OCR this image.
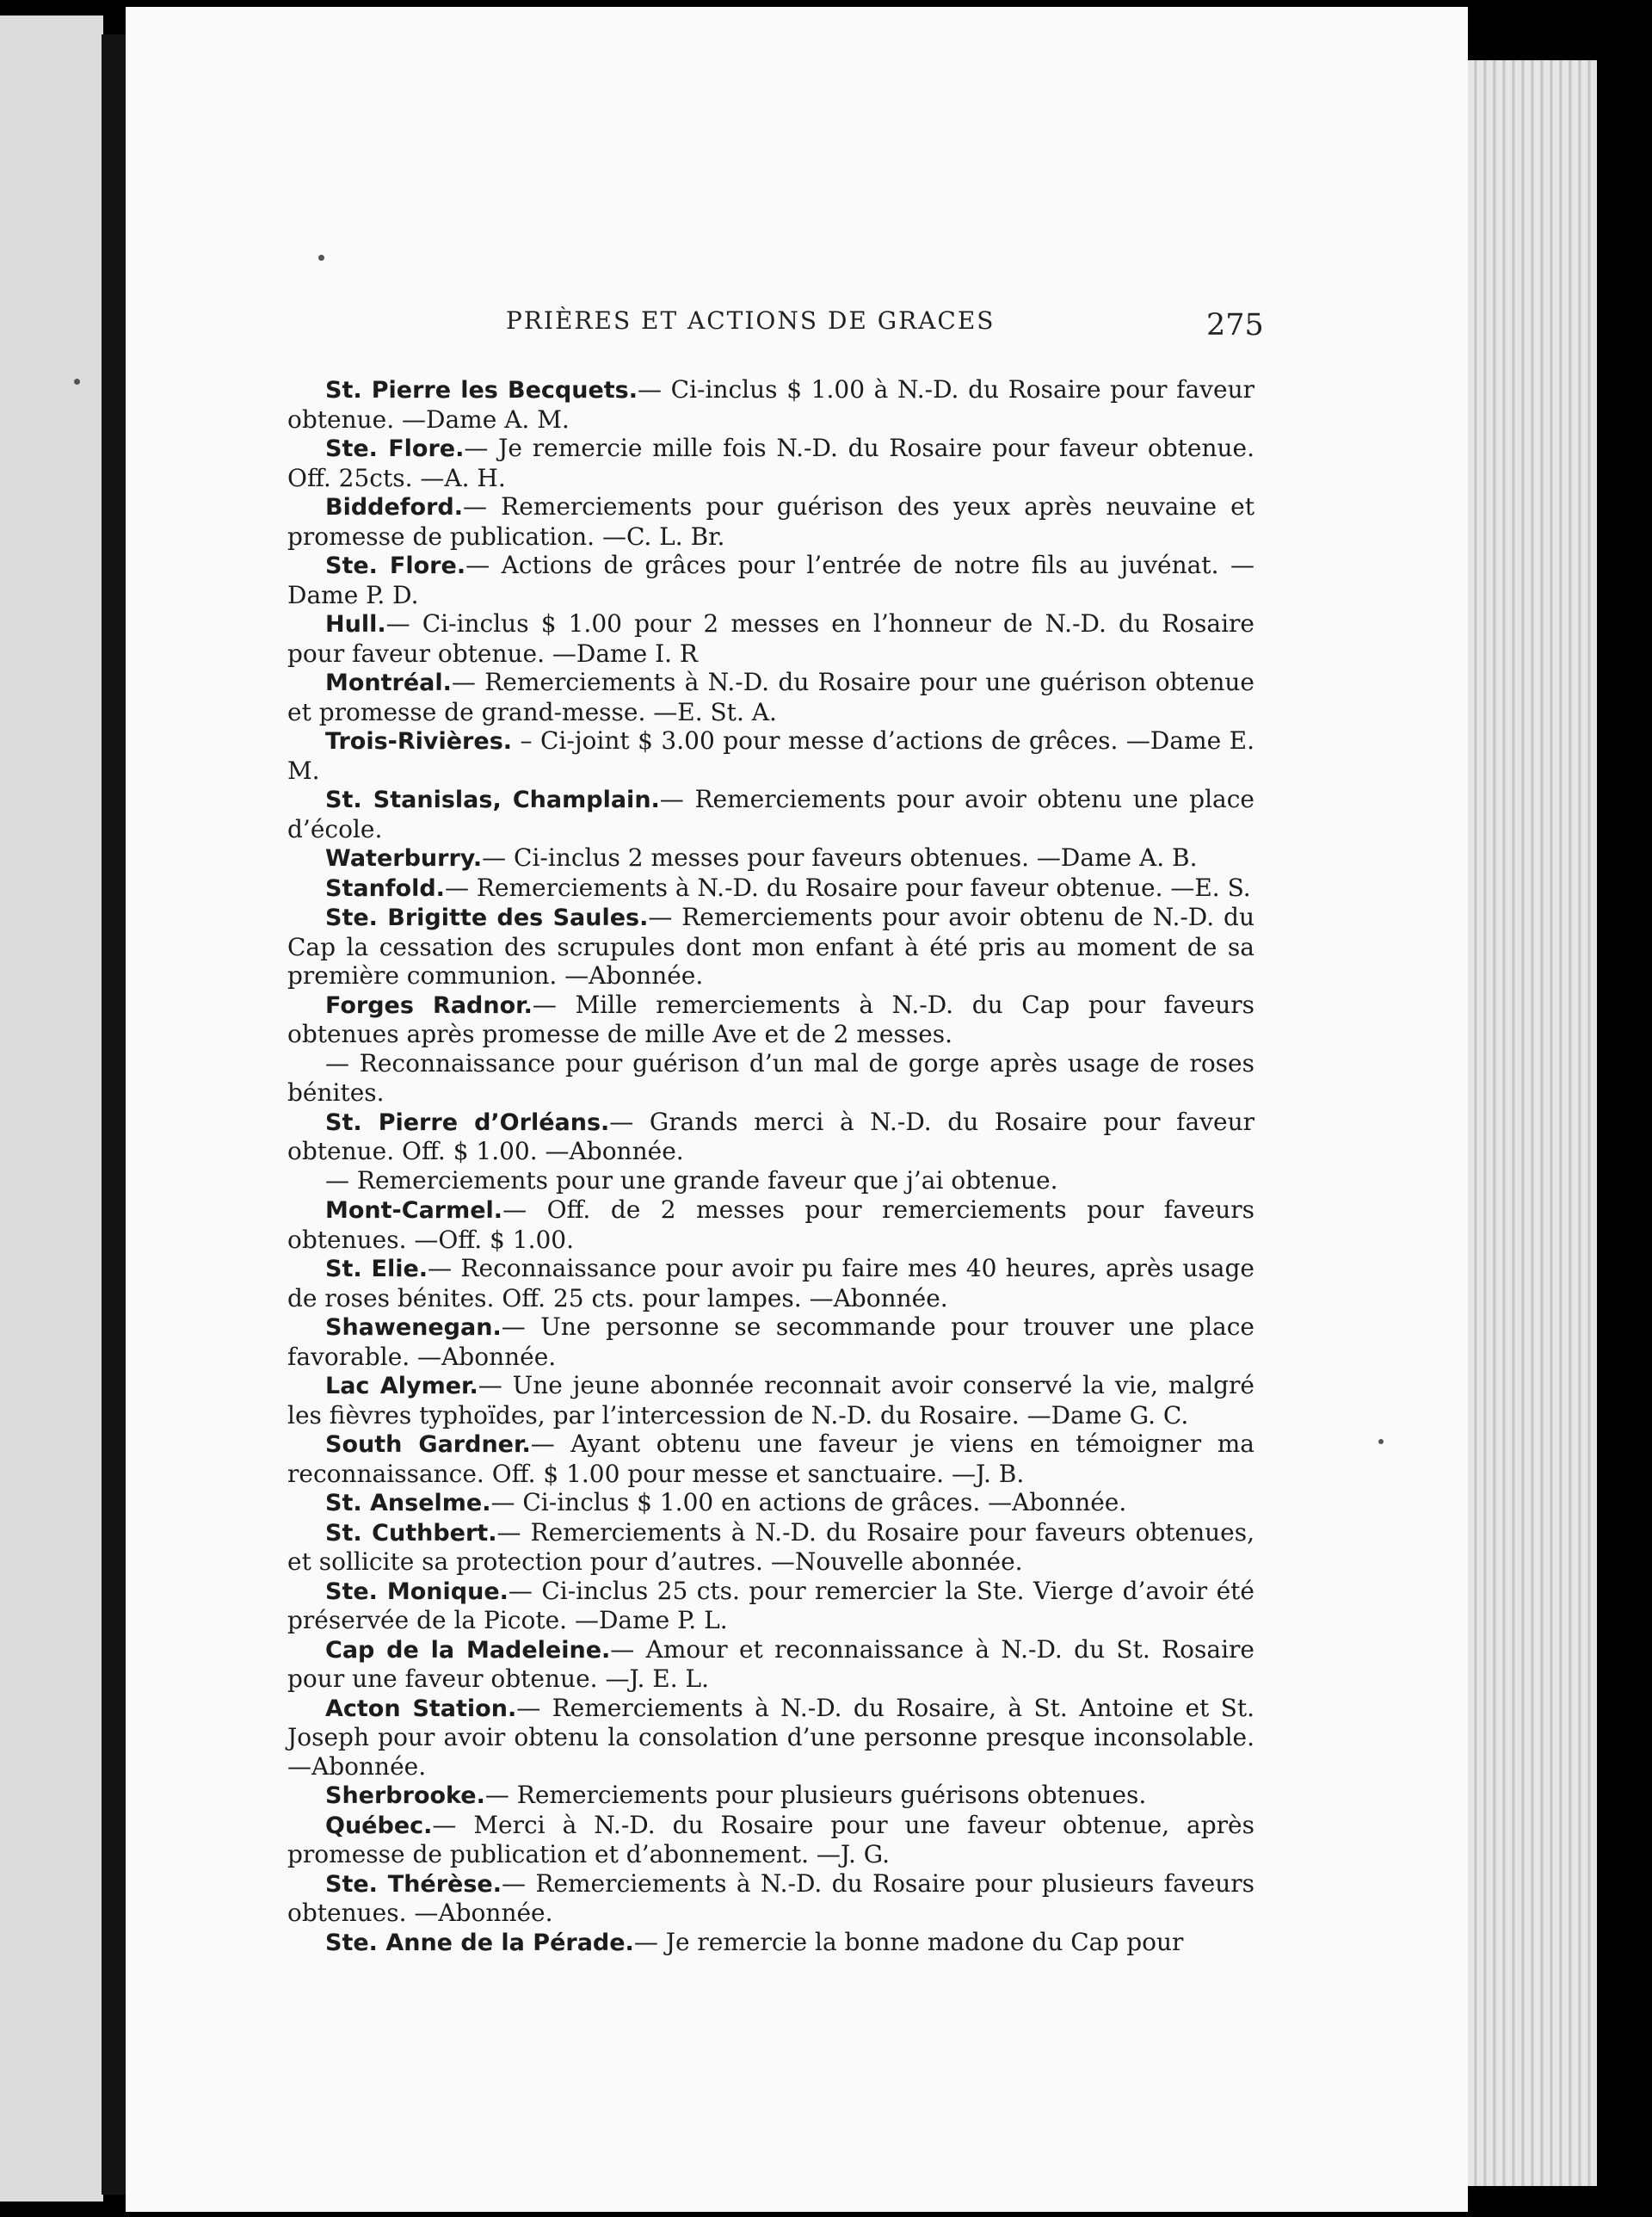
PRIÈRES ET ACTIONS DE GRACES	275

St. Pierre les Becquets.— Ci-inclus $ 1.00 à N.-D. du Rosaire pour faveur obtenue. —Dame A. M.

Ste. Flore.— Je remercie mille fois N.-D. du Rosaire pour faveur obtenue. Off. 25cts. —A. H.

Biddeford.— Remerciements pour guérison des yeux après neuvaine et promesse de publication. —C. L. Br.

Ste. Flore.— Actions de grâces pour l’entrée de notre fils au juvénat. —Dame P. D.

Hull.— Ci-inclus $ 1.00 pour 2 messes en l’honneur de N.-D. du Rosaire pour faveur obtenue. —Dame I. R

Montréal.— Remerciements à N.-D. du Rosaire pour une guérison obtenue et promesse de grand-messe. —E. St. A.

Trois-Rivières. – Ci-joint $ 3.00 pour messe d’actions de grêces. —Dame E. M.

St. Stanislas, Champlain.— Remerciements pour avoir obtenu une place d’école.

Waterburry.— Ci-inclus 2 messes pour faveurs obtenues. —Dame A. B.

Stanfold.— Remerciements à N.-D. du Rosaire pour faveur obtenue. —E. S.

Ste. Brigitte des Saules.— Remerciements pour avoir obtenu de N.-D. du Cap la cessation des scrupules dont mon enfant à été pris au moment de sa première communion. —Abonnée.

Forges Radnor.— Mille remerciements à N.-D. du Cap pour faveurs obtenues après promesse de mille Ave et de 2 messes.

— Reconnaissance pour guérison d’un mal de gorge après usage de roses bénites.

St. Pierre d’Orléans.— Grands merci à N.-D. du Rosaire pour faveur obtenue. Off. $ 1.00. —Abonnée.

— Remerciements pour une grande faveur que j’ai obtenue.

Mont-Carmel.— Off. de 2 messes pour remerciements pour faveurs obtenues. —Off. $ 1.00.

St. Elie.— Reconnaissance pour avoir pu faire mes 40 heures, après usage de roses bénites. Off. 25 cts. pour lampes. —Abonnée.

Shawenegan.— Une personne se secommande pour trouver une place favorable. —Abonnée.

Lac Alymer.— Une jeune abonnée reconnait avoir conservé la vie, malgré les fièvres typhoïdes, par l’intercession de N.-D. du Rosaire. —Dame G. C.

South Gardner.— Ayant obtenu une faveur je viens en témoigner ma reconnaissance. Off. $ 1.00 pour messe et sanctuaire. —J. B.

St. Anselme.— Ci-inclus $ 1.00 en actions de grâces. —Abonnée.

St. Cuthbert.— Remerciements à N.-D. du Rosaire pour faveurs obtenues, et sollicite sa protection pour d’autres. —Nouvelle abonnée.

Ste. Monique.— Ci-inclus 25 cts. pour remercier la Ste. Vierge d’avoir été préservée de la Picote. —Dame P. L.

Cap de la Madeleine.— Amour et reconnaissance à N.-D. du St. Rosaire pour une faveur obtenue. —J. E. L.

Acton Station.— Remerciements à N.-D. du Rosaire, à St. Antoine et St. Joseph pour avoir obtenu la consolation d’une personne presque inconsolable. —Abonnée.

Sherbrooke.— Remerciements pour plusieurs guérisons obtenues.

Québec.— Merci à N.-D. du Rosaire pour une faveur obtenue, après promesse de publication et d’abonnement. —J. G.

Ste. Thérèse.— Remerciements à N.-D. du Rosaire pour plusieurs faveurs obtenues. —Abonnée.

Ste. Anne de la Pérade.— Je remercie la bonne madone du Cap pour
